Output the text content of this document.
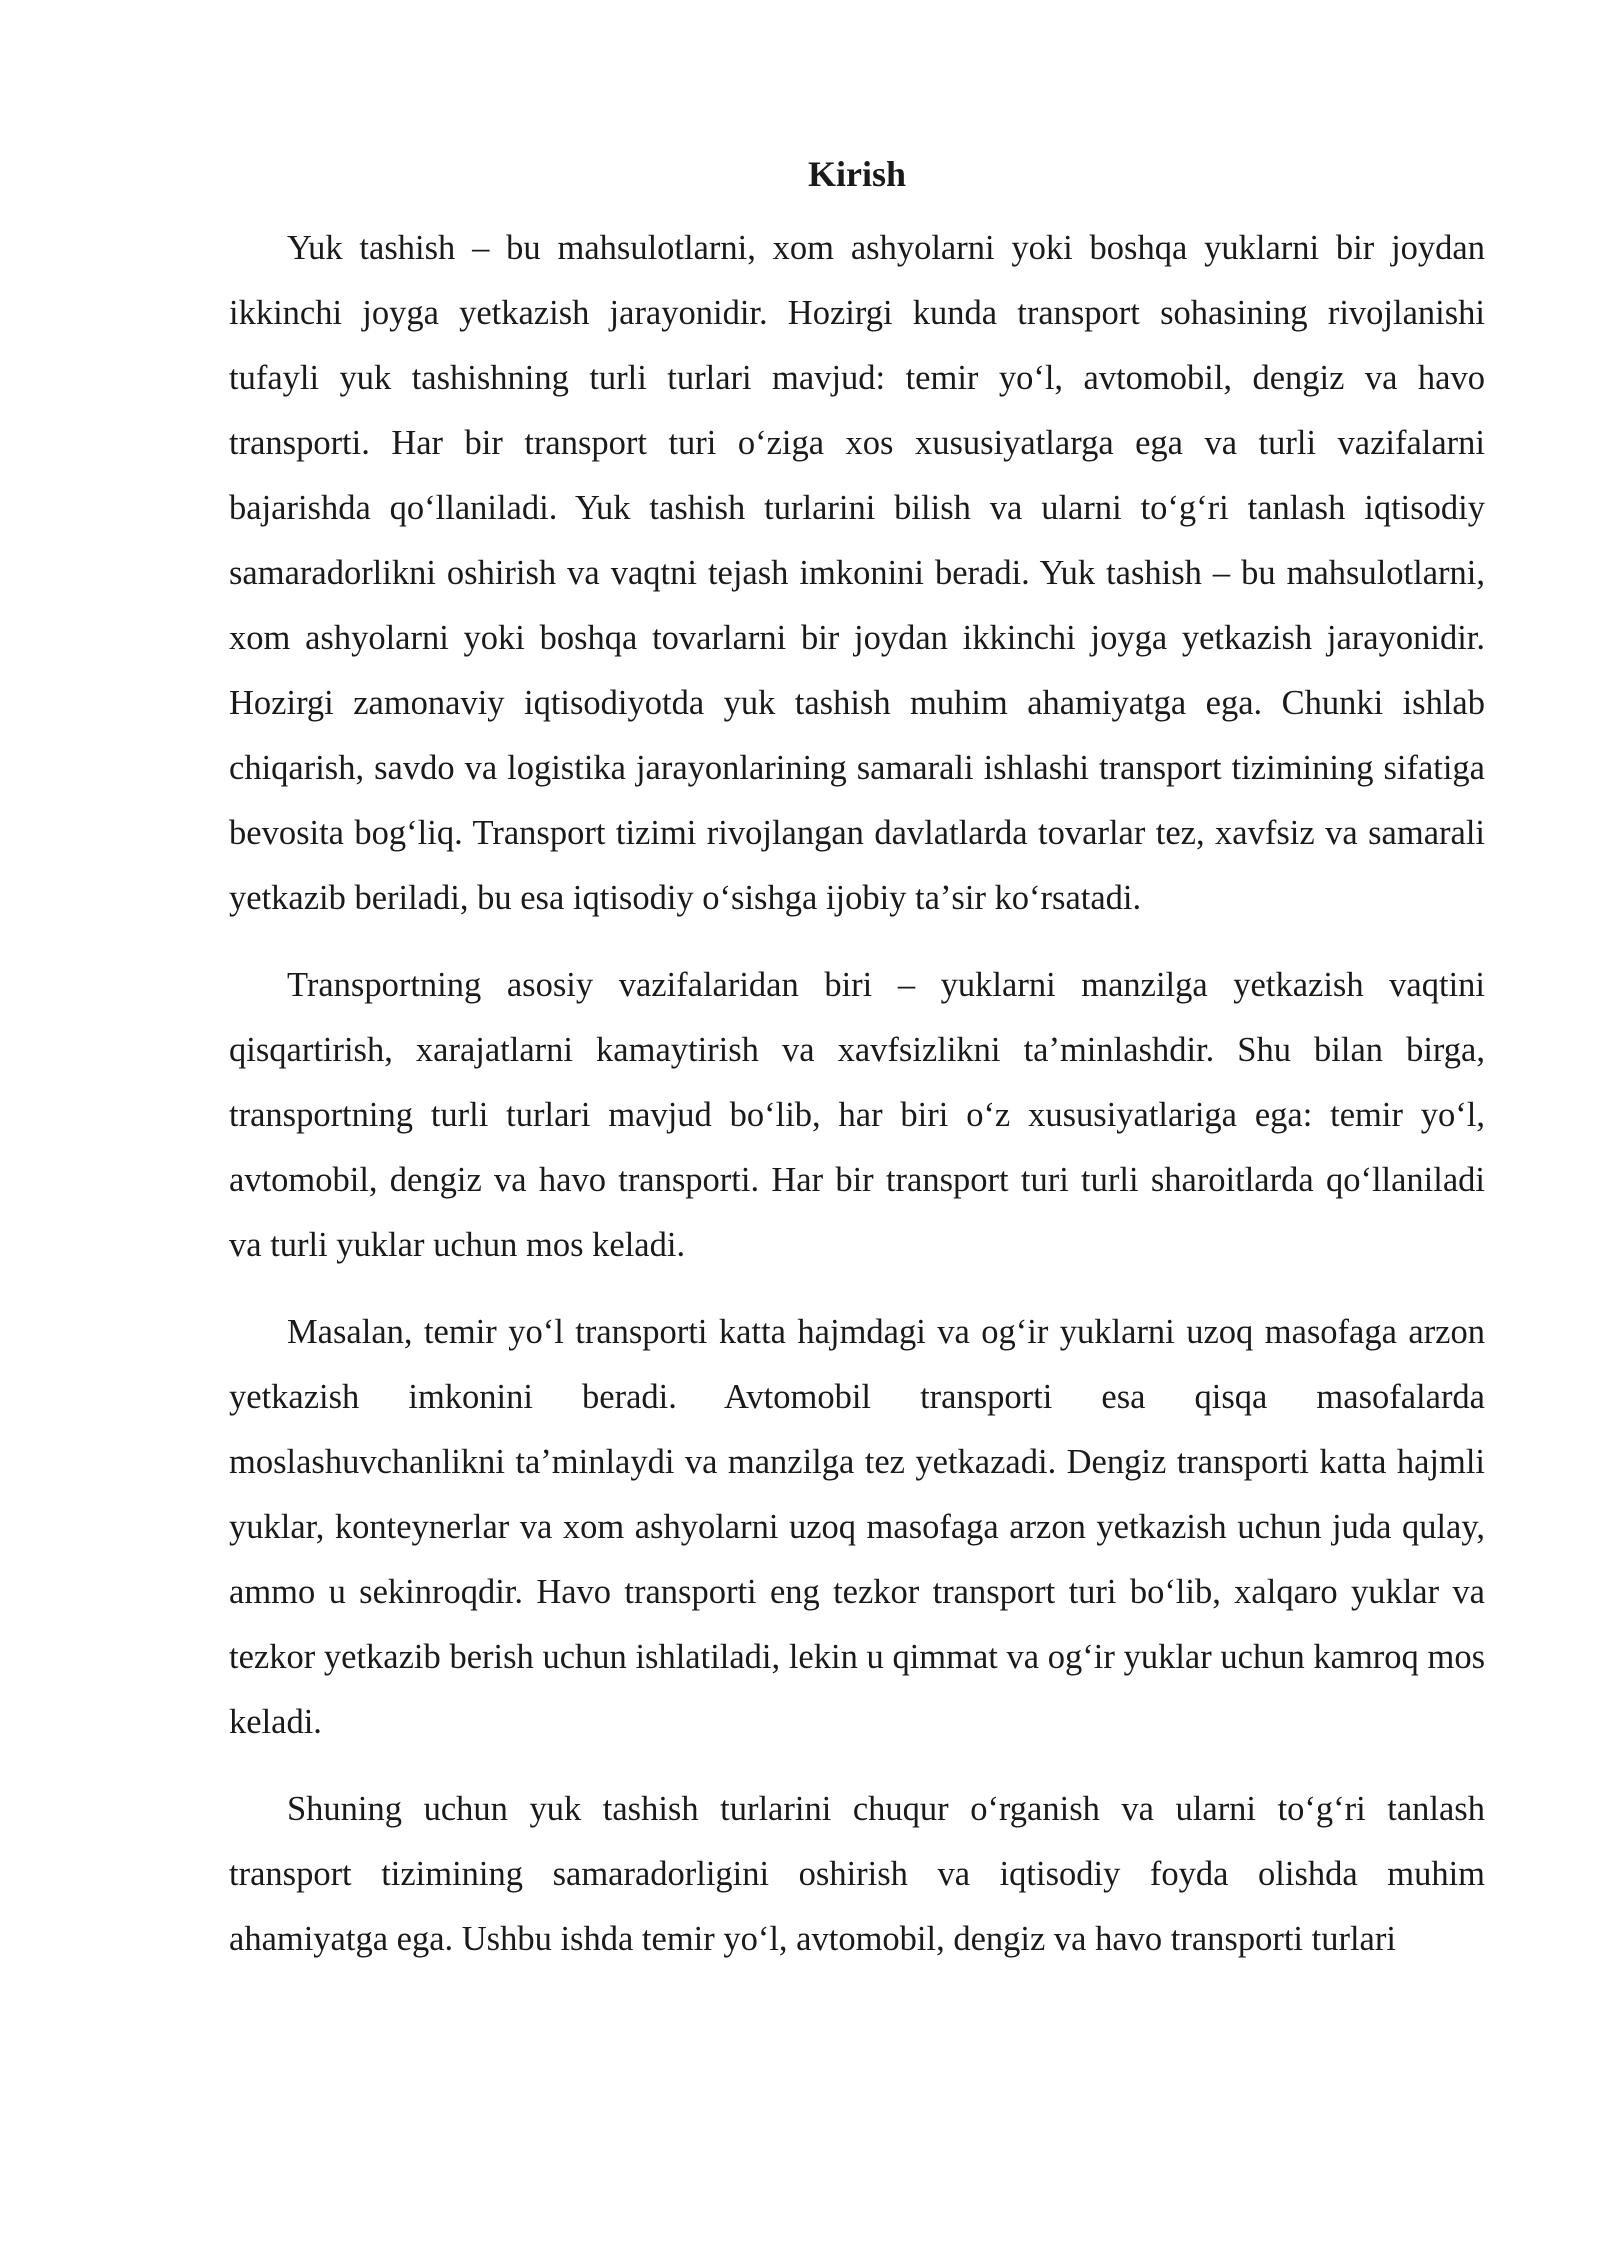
Kirish

Yuk tashish – bu mahsulotlarni, xom ashyolarni yoki boshqa yuklarni bir joydan ikkinchi joyga yetkazish jarayonidir. Hozirgi kunda transport sohasining rivojlanishi tufayli yuk tashishning turli turlari mavjud: temir yoʻl, avtomobil, dengiz va havo transporti. Har bir transport turi oʻziga xos xususiyatlarga ega va turli vazifalarni bajarishda qoʻllaniladi. Yuk tashish turlarini bilish va ularni toʻgʻri tanlash iqtisodiy samaradorlikni oshirish va vaqtni tejash imkonini beradi. Yuk tashish – bu mahsulotlarni, xom ashyolarni yoki boshqa tovarlarni bir joydan ikkinchi joyga yetkazish jarayonidir. Hozirgi zamonaviy iqtisodiyotda yuk tashish muhim ahamiyatga ega. Chunki ishlab chiqarish, savdo va logistika jarayonlarining samarali ishlashi transport tizimining sifatiga bevosita bogʻliq. Transport tizimi rivojlangan davlatlarda tovarlar tez, xavfsiz va samarali yetkazib beriladi, bu esa iqtisodiy oʻsishga ijobiy taʼsir koʻrsatadi.

Transportning asosiy vazifalaridan biri – yuklarni manzilga yetkazish vaqtini qisqartirish, xarajatlarni kamaytirish va xavfsizlikni taʼminlashdir. Shu bilan birga, transportning turli turlari mavjud boʻlib, har biri oʻz xususiyatlariga ega: temir yoʻl, avtomobil, dengiz va havo transporti. Har bir transport turi turli sharoitlarda qoʻllaniladi va turli yuklar uchun mos keladi.

Masalan, temir yoʻl transporti katta hajmdagi va ogʻir yuklarni uzoq masofaga arzon yetkazish imkonini beradi. Avtomobil transporti esa qisqa masofalarda moslashuvchanlikni taʼminlaydi va manzilga tez yetkazadi. Dengiz transporti katta hajmli yuklar, konteynerlar va xom ashyolarni uzoq masofaga arzon yetkazish uchun juda qulay, ammo u sekinroqdir. Havo transporti eng tezkor transport turi boʻlib, xalqaro yuklar va tezkor yetkazib berish uchun ishlatiladi, lekin u qimmat va ogʻir yuklar uchun kamroq mos keladi.

Shuning uchun yuk tashish turlarini chuqur oʻrganish va ularni toʻgʻri tanlash transport tizimining samaradorligini oshirish va iqtisodiy foyda olishda muhim ahamiyatga ega. Ushbu ishda temir yoʻl, avtomobil, dengiz va havo transporti turlari
